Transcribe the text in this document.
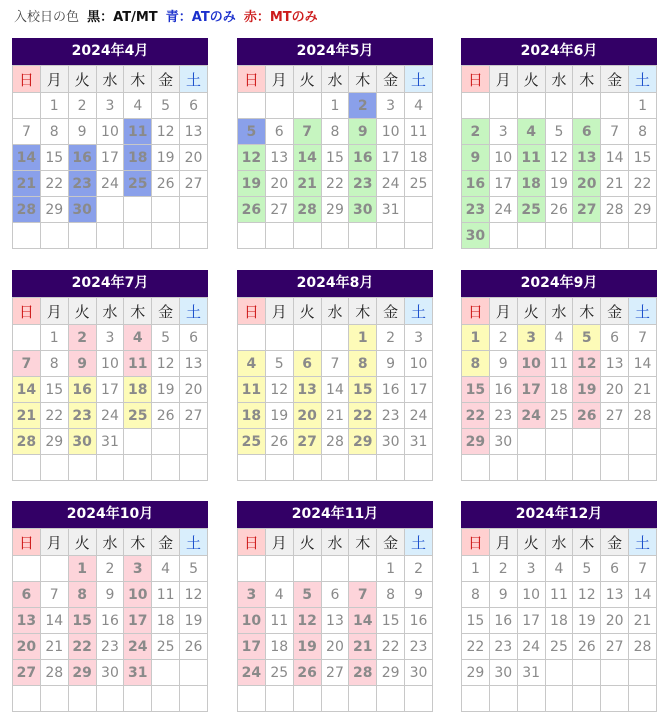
入校日の色 黒：AT/MT 青：ATのみ 赤：MTのみ
2024年4月
日	月	火	水	木	金	土
	1	2	3	4	5	6
7	8	9	10	11	12	13
14	15	16	17	18	19	20
21	22	23	24	25	26	27
28	29	30				

2024年5月
日	月	火	水	木	金	土
			1	2	3	4
5	6	7	8	9	10	11
12	13	14	15	16	17	18
19	20	21	22	23	24	25
26	27	28	29	30	31	

2024年6月
日	月	火	水	木	金	土
						1
2	3	4	5	6	7	8
9	10	11	12	13	14	15
16	17	18	19	20	21	22
23	24	25	26	27	28	29
30						
2024年7月
日	月	火	水	木	金	土
	1	2	3	4	5	6
7	8	9	10	11	12	13
14	15	16	17	18	19	20
21	22	23	24	25	26	27
28	29	30	31			

2024年8月
日	月	火	水	木	金	土
				1	2	3
4	5	6	7	8	9	10
11	12	13	14	15	16	17
18	19	20	21	22	23	24
25	26	27	28	29	30	31

2024年9月
日	月	火	水	木	金	土
1	2	3	4	5	6	7
8	9	10	11	12	13	14
15	16	17	18	19	20	21
22	23	24	25	26	27	28
29	30					

2024年10月
日	月	火	水	木	金	土
		1	2	3	4	5
6	7	8	9	10	11	12
13	14	15	16	17	18	19
20	21	22	23	24	25	26
27	28	29	30	31		

2024年11月
日	月	火	水	木	金	土
					1	2
3	4	5	6	7	8	9
10	11	12	13	14	15	16
17	18	19	20	21	22	23
24	25	26	27	28	29	30

2024年12月
日	月	火	水	木	金	土
1	2	3	4	5	6	7
8	9	10	11	12	13	14
15	16	17	18	19	20	21
22	23	24	25	26	27	28
29	30	31				
